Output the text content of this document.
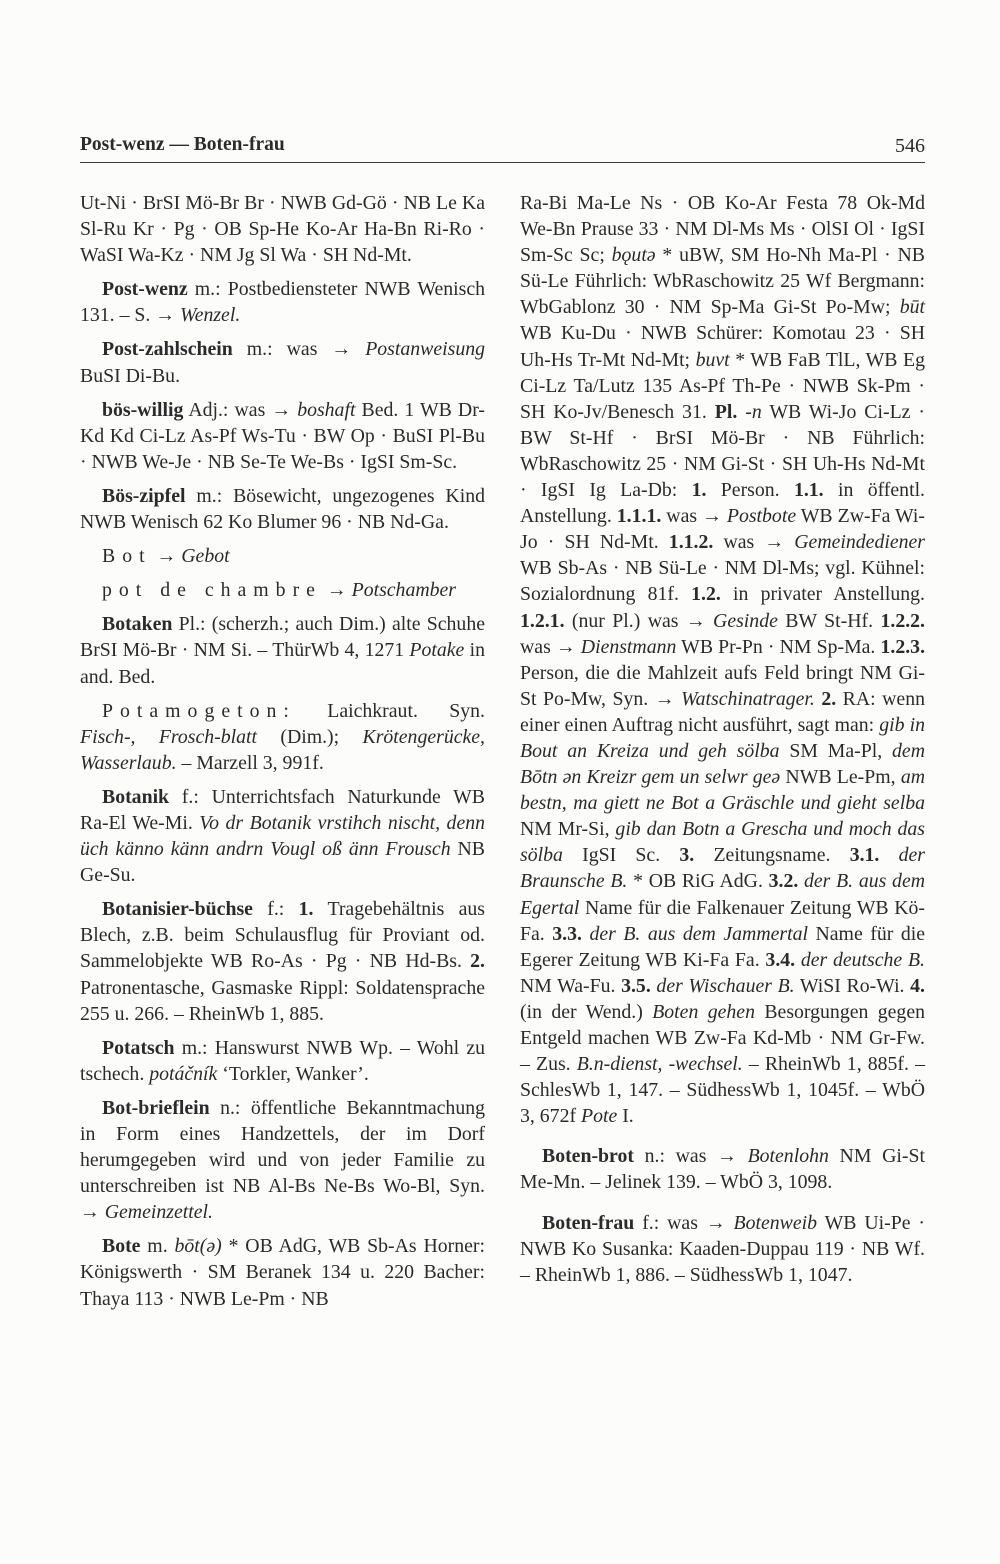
Post-wenz — Boten-frau	546

Ut-Ni · BrSI Mö-Br Br · NWB Gd-Gö · NB Le Ka Sl-Ru Kr · Pg · OB Sp-He Ko-Ar Ha-Bn Ri-Ro · WaSI Wa-Kz · NM Jg Sl Wa · SH Nd-Mt.

Post-wenz m.: Postbediensteter NWB Wenisch 131. – S. → Wenzel.

Post-zahlschein m.: was → Postanweisung BuSI Di-Bu.

bös-willig Adj.: was → boshaft Bed. 1 WB Dr-Kd Kd Ci-Lz As-Pf Ws-Tu · BW Op · BuSI Pl-Bu · NWB We-Je · NB Se-Te We-Bs · IgSI Sm-Sc.

Bös-zipfel m.: Bösewicht, ungezogenes Kind NWB Wenisch 62 Ko Blumer 96 · NB Nd-Ga.

Bot → Gebot

pot de chambre → Potschamber

Botaken Pl.: (scherzh.; auch Dim.) alte Schuhe BrSI Mö-Br · NM Si. – ThürWb 4, 1271 Potake in and. Bed.

Potamogeton: Laichkraut. Syn. Fisch-, Frosch-blatt (Dim.); Krötengerücke, Wasserlaub. – Marzell 3, 991f.

Botanik f.: Unterrichtsfach Naturkunde WB Ra-El We-Mi. Vo dr Botanik vrstihch nischt, denn üch känno känn andrn Vougl oß änn Frousch NB Ge-Su.

Botanisier-büchse f.: 1. Tragebehältnis aus Blech, z.B. beim Schulausflug für Proviant od. Sammelobjekte WB Ro-As · Pg · NB Hd-Bs. 2. Patronentasche, Gasmaske Rippl: Soldatensprache 255 u. 266. – RheinWb 1, 885.

Potatsch m.: Hanswurst NWB Wp. – Wohl zu tschech. potáčník ‘Torkler, Wanker’.

Bot-brieflein n.: öffentliche Bekanntmachung in Form eines Handzettels, der im Dorf herumgegeben wird und von jeder Familie zu unterschreiben ist NB Al-Bs Ne-Bs Wo-Bl, Syn. → Gemeinzettel.

Bote m. bōt(ə) * OB AdG, WB Sb-As Horner: Königswerth · SM Beranek 134 u. 220 Bacher: Thaya 113 · NWB Le-Pm · NB

Ra-Bi Ma-Le Ns · OB Ko-Ar Festa 78 Ok-Md We-Bn Prause 33 · NM Dl-Ms Ms · OlSI Ol · IgSI Sm-Sc Sc; bǫutə * uBW, SM Ho-Nh Ma-Pl · NB Sü-Le Führlich: WbRaschowitz 25 Wf Bergmann: WbGablonz 30 · NM Sp-Ma Gi-St Po-Mw; būt WB Ku-Du · NWB Schürer: Komotau 23 · SH Uh-Hs Tr-Mt Nd-Mt; buvt * WB FaB TlL, WB Eg Ci-Lz Ta/Lutz 135 As-Pf Th-Pe · NWB Sk-Pm · SH Ko-Jv/Benesch 31. Pl. -n WB Wi-Jo Ci-Lz · BW St-Hf · BrSI Mö-Br · NB Führlich: WbRaschowitz 25 · NM Gi-St · SH Uh-Hs Nd-Mt · IgSI Ig La-Db: 1. Person. 1.1. in öffentl. Anstellung. 1.1.1. was → Postbote WB Zw-Fa Wi-Jo · SH Nd-Mt. 1.1.2. was → Gemeindediener WB Sb-As · NB Sü-Le · NM Dl-Ms; vgl. Kühnel: Sozialordnung 81f. 1.2. in privater Anstellung. 1.2.1. (nur Pl.) was → Gesinde BW St-Hf. 1.2.2. was → Dienstmann WB Pr-Pn · NM Sp-Ma. 1.2.3. Person, die die Mahlzeit aufs Feld bringt NM Gi-St Po-Mw, Syn. → Watschinatrager. 2. RA: wenn einer einen Auftrag nicht ausführt, sagt man: gib in Bout an Kreiza und geh sölba SM Ma-Pl, dem Bōtn ən Kreizr gem un selwr geə NWB Le-Pm, am bestn, ma giett ne Bot a Gräschle und gieht selba NM Mr-Si, gib dan Botn a Grescha und moch das sölba IgSI Sc. 3. Zeitungsname. 3.1. der Braunsche B. * OB RiG AdG. 3.2. der B. aus dem Egertal Name für die Falkenauer Zeitung WB Kö-Fa. 3.3. der B. aus dem Jammertal Name für die Egerer Zeitung WB Ki-Fa Fa. 3.4. der deutsche B. NM Wa-Fu. 3.5. der Wischauer B. WiSI Ro-Wi. 4. (in der Wend.) Boten gehen Besorgungen gegen Entgeld machen WB Zw-Fa Kd-Mb · NM Gr-Fw. – Zus. B.n-dienst, -wechsel. – RheinWb 1, 885f. – SchlesWb 1, 147. – SüdhessWb 1, 1045f. – WbÖ 3, 672f Pote I.

Boten-brot n.: was → Botenlohn NM Gi-St Me-Mn. – Jelinek 139. – WbÖ 3, 1098.

Boten-frau f.: was → Botenweib WB Ui-Pe · NWB Ko Susanka: Kaaden-Duppau 119 · NB Wf. – RheinWb 1, 886. – SüdhessWb 1, 1047.
